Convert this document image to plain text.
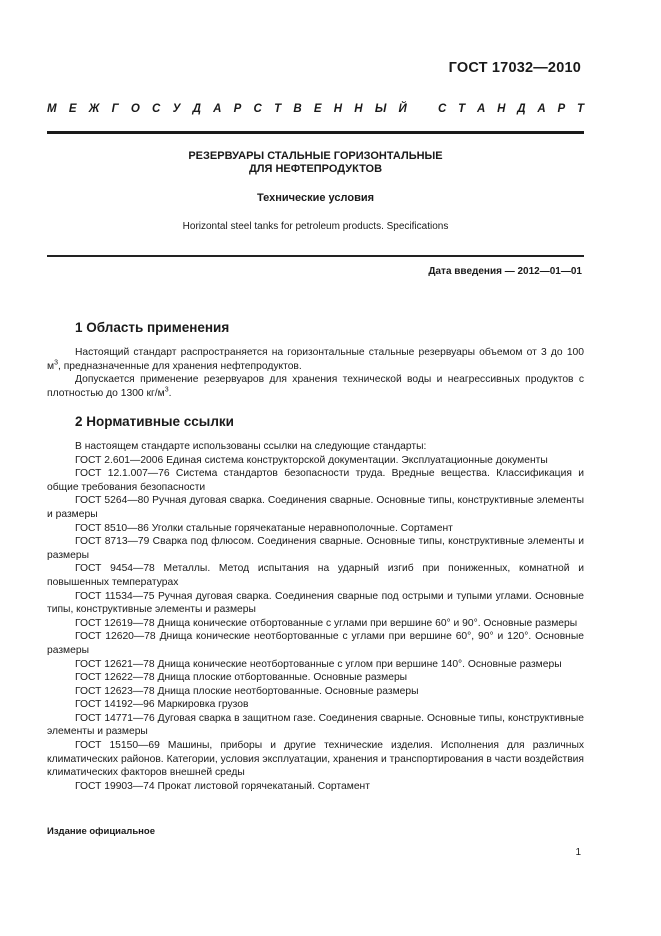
ГОСТ 17032—2010
М Е Ж Г О С У Д А Р С Т В Е Н Н Ы Й	С Т А Н Д А Р Т
РЕЗЕРВУАРЫ СТАЛЬНЫЕ ГОРИЗОНТАЛЬНЫЕ
ДЛЯ НЕФТЕПРОДУКТОВ
Технические условия
Horizontal steel tanks for petroleum products. Specifications
Дата введения — 2012—01—01
1 Область применения

Настоящий стандарт распространяется на горизонтальные стальные резервуары объемом от 3 до 100 $м^3$, предназначенные для хранения нефтепродуктов.

Допускается применение резервуаров для хранения технической воды и неагрессивных продуктов с плотностью до 1300 $кг/м^3$.

2 Нормативные ссылки
В настоящем стандарте использованы ссылки на следующие стандарты:
ГОСТ 2.601—2006 Единая система конструкторской документации. Эксплуатационные документы
ГОСТ 12.1.007—76 Система стандартов безопасности труда. Вредные вещества. Классификация и общие требования безопасности
ГОСТ 5264—80 Ручная дуговая сварка. Соединения сварные. Основные типы, конструктивные элементы и размеры
ГОСТ 8510—86 Уголки стальные горячекатаные неравнополочные. Сортамент
ГОСТ 8713—79 Сварка под флюсом. Соединения сварные. Основные типы, конструктивные элементы и размеры
ГОСТ 9454—78 Металлы. Метод испытания на ударный изгиб при пониженных, комнатной и повышенных температурах
ГОСТ 11534—75 Ручная дуговая сварка. Соединения сварные под острыми и тупыми углами. Основные типы, конструктивные элементы и размеры
ГОСТ 12619—78 Днища конические отбортованные с углами при вершине 60° и 90°. Основные размеры
ГОСТ 12620—78 Днища конические неотбортованные с углами при вершине 60°, 90° и 120°. Основные размеры
ГОСТ 12621—78 Днища конические неотбортованные с углом при вершине 140°. Основные размеры
ГОСТ 12622—78 Днища плоские отбортованные. Основные размеры
ГОСТ 12623—78 Днища плоские неотбортованные. Основные размеры
ГОСТ 14192—96 Маркировка грузов
ГОСТ 14771—76 Дуговая сварка в защитном газе. Соединения сварные. Основные типы, конструктивные элементы и размеры
ГОСТ 15150—69 Машины, приборы и другие технические изделия. Исполнения для различных климатических районов. Категории, условия эксплуатации, хранения и транспортирования в части воздействия климатических факторов внешней среды
ГОСТ 19903—74 Прокат листовой горячекатаный. Сортамент
Издание официальное
1
